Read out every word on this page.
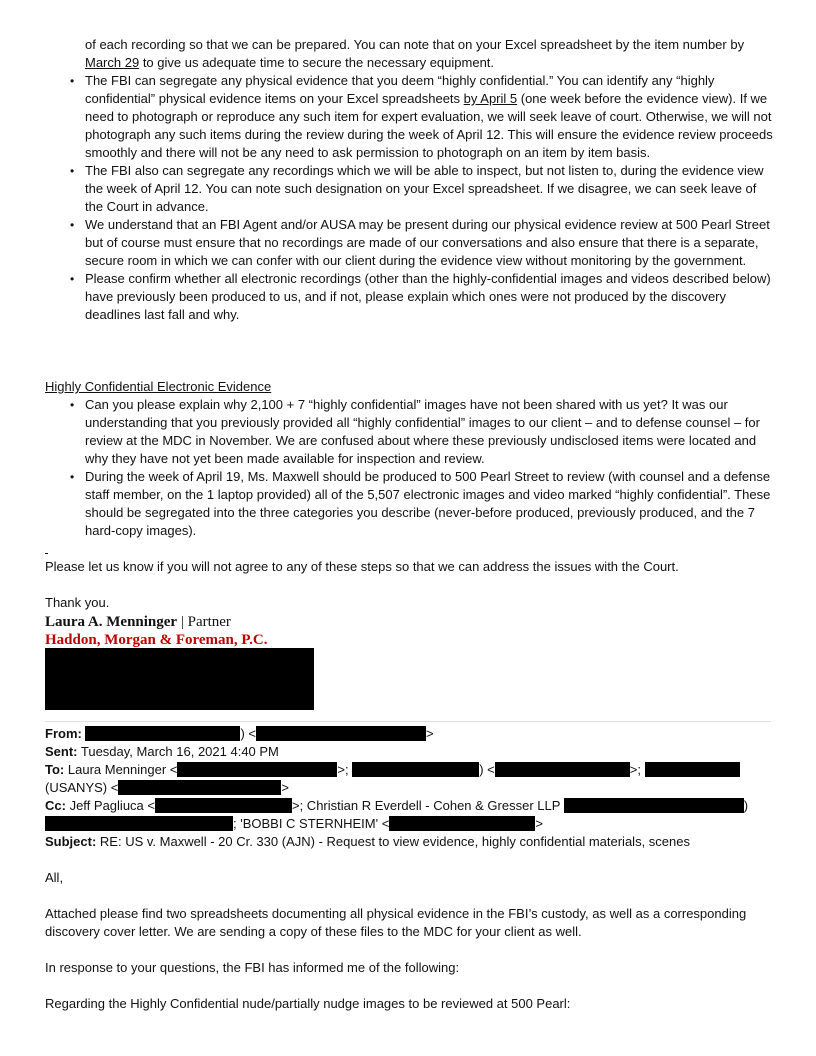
of each recording so that we can be prepared. You can note that on your Excel spreadsheet by the item number by March 29 to give us adequate time to secure the necessary equipment.
• The FBI can segregate any physical evidence that you deem “highly confidential.” You can identify any “highly confidential” physical evidence items on your Excel spreadsheets by April 5 (one week before the evidence view). If we need to photograph or reproduce any such item for expert evaluation, we will seek leave of court. Otherwise, we will not photograph any such items during the review during the week of April 12. This will ensure the evidence review proceeds smoothly and there will not be any need to ask permission to photograph on an item by item basis.
• The FBI also can segregate any recordings which we will be able to inspect, but not listen to, during the evidence view the week of April 12. You can note such designation on your Excel spreadsheet. If we disagree, we can seek leave of the Court in advance.
• We understand that an FBI Agent and/or AUSA may be present during our physical evidence review at 500 Pearl Street but of course must ensure that no recordings are made of our conversations and also ensure that there is a separate, secure room in which we can confer with our client during the evidence view without monitoring by the government.
• Please confirm whether all electronic recordings (other than the highly-confidential images and videos described below) have previously been produced to us, and if not, please explain which ones were not produced by the discovery deadlines last fall and why.
Highly Confidential Electronic Evidence
• Can you please explain why 2,100 + 7 “highly confidential” images have not been shared with us yet? It was our understanding that you previously provided all “highly confidential” images to our client – and to defense counsel – for review at the MDC in November. We are confused about where these previously undisclosed items were located and why they have not yet been made available for inspection and review.
• During the week of April 19, Ms. Maxwell should be produced to 500 Pearl Street to review (with counsel and a defense staff member, on the 1 laptop provided) all of the 5,507 electronic images and video marked “highly confidential”. These should be segregated into the three categories you describe (never-before produced, previously produced, and the 7 hard-copy images).
Please let us know if you will not agree to any of these steps so that we can address the issues with the Court.
Thank you.
Laura A. Menninger | Partner
Haddon, Morgan & Foreman, P.C.
From:	) <	>
Sent: Tuesday, March 16, 2021 4:40 PM
To: Laura Menninger <	>;	) <	>;
(USANYS) <	>
Cc: Jeff Pagliuca <	>; Christian R Everdell - Cohen & Gresser LLP	)
; 'BOBBI C STERNHEIM' <	>
Subject: RE: US v. Maxwell - 20 Cr. 330 (AJN) - Request to view evidence, highly confidential materials, scenes
All,
Attached please find two spreadsheets documenting all physical evidence in the FBI’s custody, as well as a corresponding discovery cover letter. We are sending a copy of these files to the MDC for your client as well.
In response to your questions, the FBI has informed me of the following:
Regarding the Highly Confidential nude/partially nudge images to be reviewed at 500 Pearl:
